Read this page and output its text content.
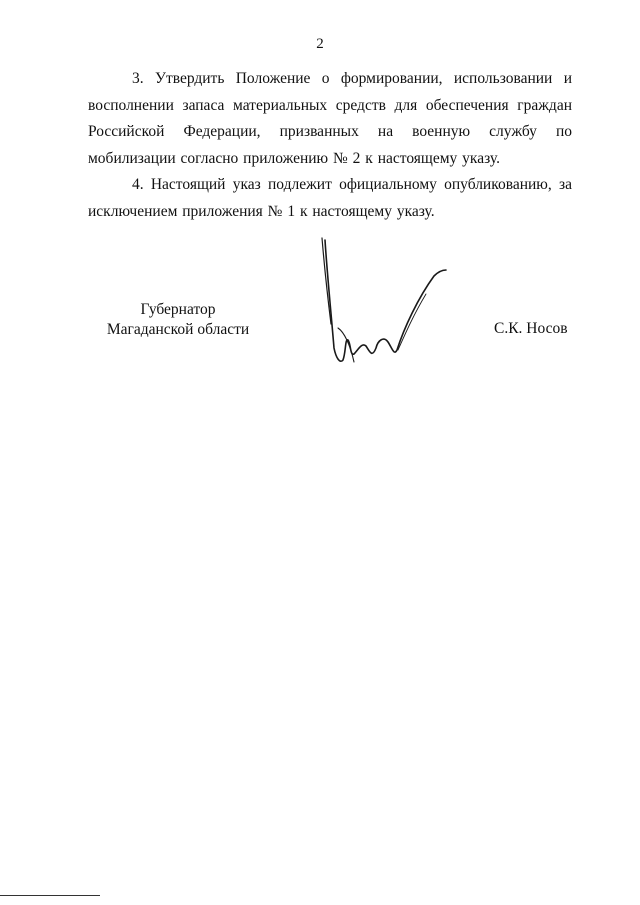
2

3. Утвердить Положение о формировании, использовании и восполнении запаса материальных средств для обеспечения граждан Российской Федерации, призванных на военную службу по мобилизации согласно приложению № 2 к настоящему указу.

4. Настоящий указ подлежит официальному опубликованию, за исключением приложения № 1 к настоящему указу.

Губернатор
Магаданской области	С.К. Носов
